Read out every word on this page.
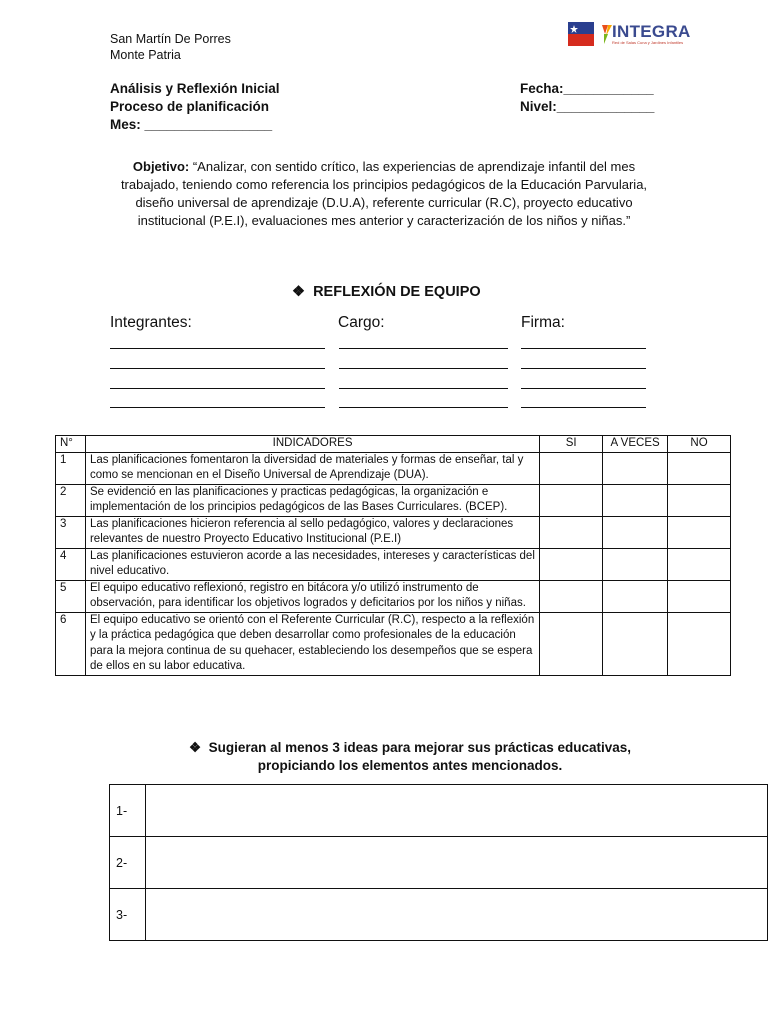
San Martín De Porres
Monte Patria
INTEGRA
Red de Salas Cuna y Jardines Infantiles
Análisis y Reflexión Inicial
Proceso de planificación
Mes: _________________
Fecha:____________
Nivel:_____________
Objetivo: “Analizar, con sentido crítico, las experiencias de aprendizaje infantil del mes trabajado, teniendo como referencia los principios pedagógicos de la Educación Parvularia, diseño universal de aprendizaje (D.U.A), referente curricular (R.C), proyecto educativo institucional (P.E.I), evaluaciones mes anterior y caracterización de los niños y niñas.”
❖ REFLEXIÓN DE EQUIPO
Integrantes:	Cargo:	Firma:
N°	INDICADORES	SI	A VECES	NO
1	Las planificaciones fomentaron la diversidad de materiales y formas de enseñar, tal y como se mencionan en el Diseño Universal de Aprendizaje (DUA).			
2	Se evidenció en las planificaciones y practicas pedagógicas, la organización e implementación de los principios pedagógicos de las Bases Curriculares. (BCEP).			
3	Las planificaciones hicieron referencia al sello pedagógico, valores y declaraciones relevantes de nuestro Proyecto Educativo Institucional (P.E.I)			
4	Las planificaciones estuvieron acorde a las necesidades, intereses y características del nivel educativo.			
5	El equipo educativo reflexionó, registro en bitácora y/o utilizó instrumento de observación, para identificar los objetivos logrados y deficitarios por los niños y niñas.			
6	El equipo educativo se orientó con el Referente Curricular (R.C), respecto a la reflexión y la práctica pedagógica que deben desarrollar como profesionales de la educación para la mejora continua de su quehacer, estableciendo los desempeños que se espera de ellos en su labor educativa.			
❖ Sugieran al menos 3 ideas para mejorar sus prácticas educativas,
propiciando los elementos antes mencionados.
1-	
2-	
3-	
